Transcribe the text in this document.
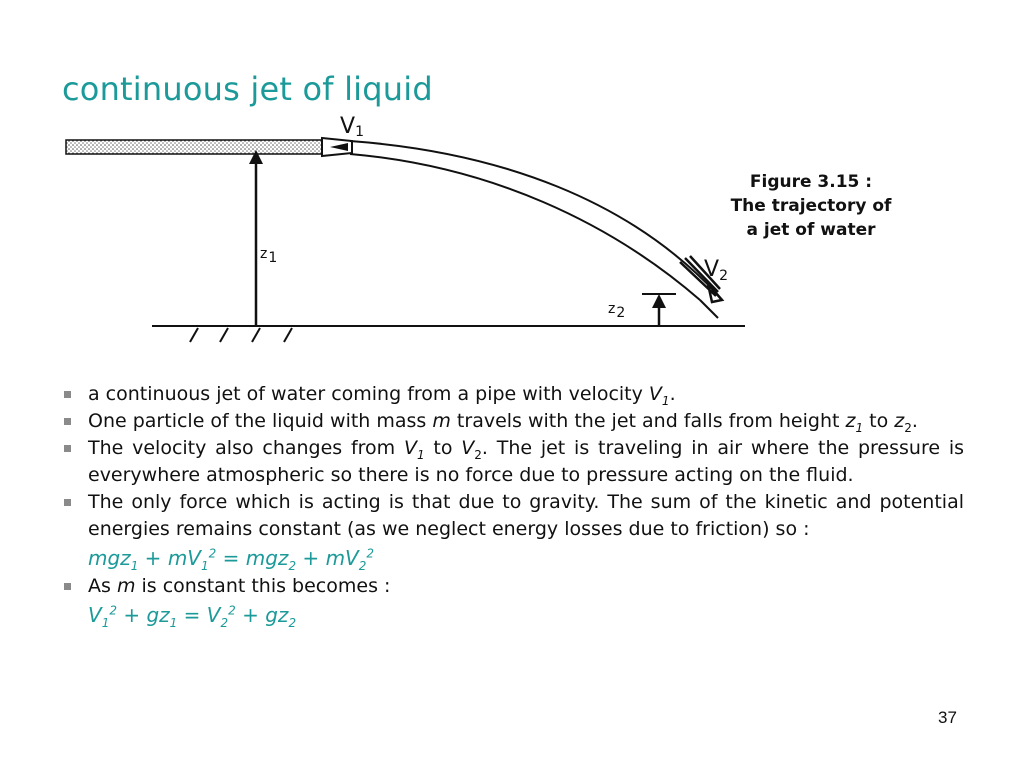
continuous jet of liquid
V1
V2
z1
z2
Figure 3.15 :
The trajectory of
a jet of water
a continuous jet of water coming from a pipe with velocity $V_1$.
One particle of the liquid with mass m travels with the jet and falls from height $z_1$ to $z_2$.
The velocity also changes from $V_1$ to $V_2$. The jet is traveling in air where the pressure is everywhere atmospheric so there is no force due to pressure acting on the fluid.
The only force which is acting is that due to gravity. The sum of the kinetic and potential energies remains constant (as we neglect energy losses due to friction) so :
$mgz_1 + mV_1^2 = mgz_2 + mV_2^2$
As m is constant this becomes :
$V_1^2 + gz_1 = V_2^2 + gz_2$
37
